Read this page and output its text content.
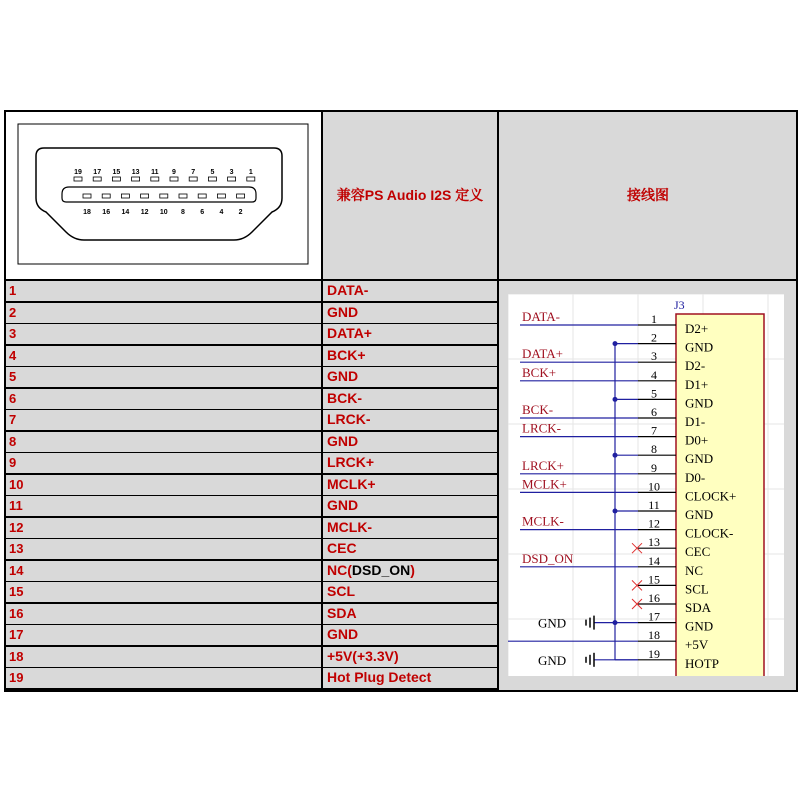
19 17 15 13 11 9 7 5 3 1
18 16 14 12 10 8 6 4 2
兼容PS Audio I2S 定义	接线图
1	DATA-
2	GND
3	DATA+
4	BCK+
5	GND
6	BCK-
7	LRCK-
8	GND
9	LRCK+
10	MCLK+
11	GND
12	MCLK-
13	CEC
14	NC(DSD_ON)
15	SCL
16	SDA
17	GND
18	+5V(+3.3V)
19	Hot Plug Detect
J3
1
D2+
DATA-
2
GND
3
D2-
DATA+
4
D1+
BCK+
5
GND
6
D1-
BCK-
7
D0+
LRCK-
8
GND
9
D0-
LRCK+
10
CLOCK+
MCLK+
11
GND
12
CLOCK-
MCLK-
13
CEC
14
NC
DSD_ON
15
SCL
16
SDA
17
GND
GND
18
+5V
19
HOTP
GND
